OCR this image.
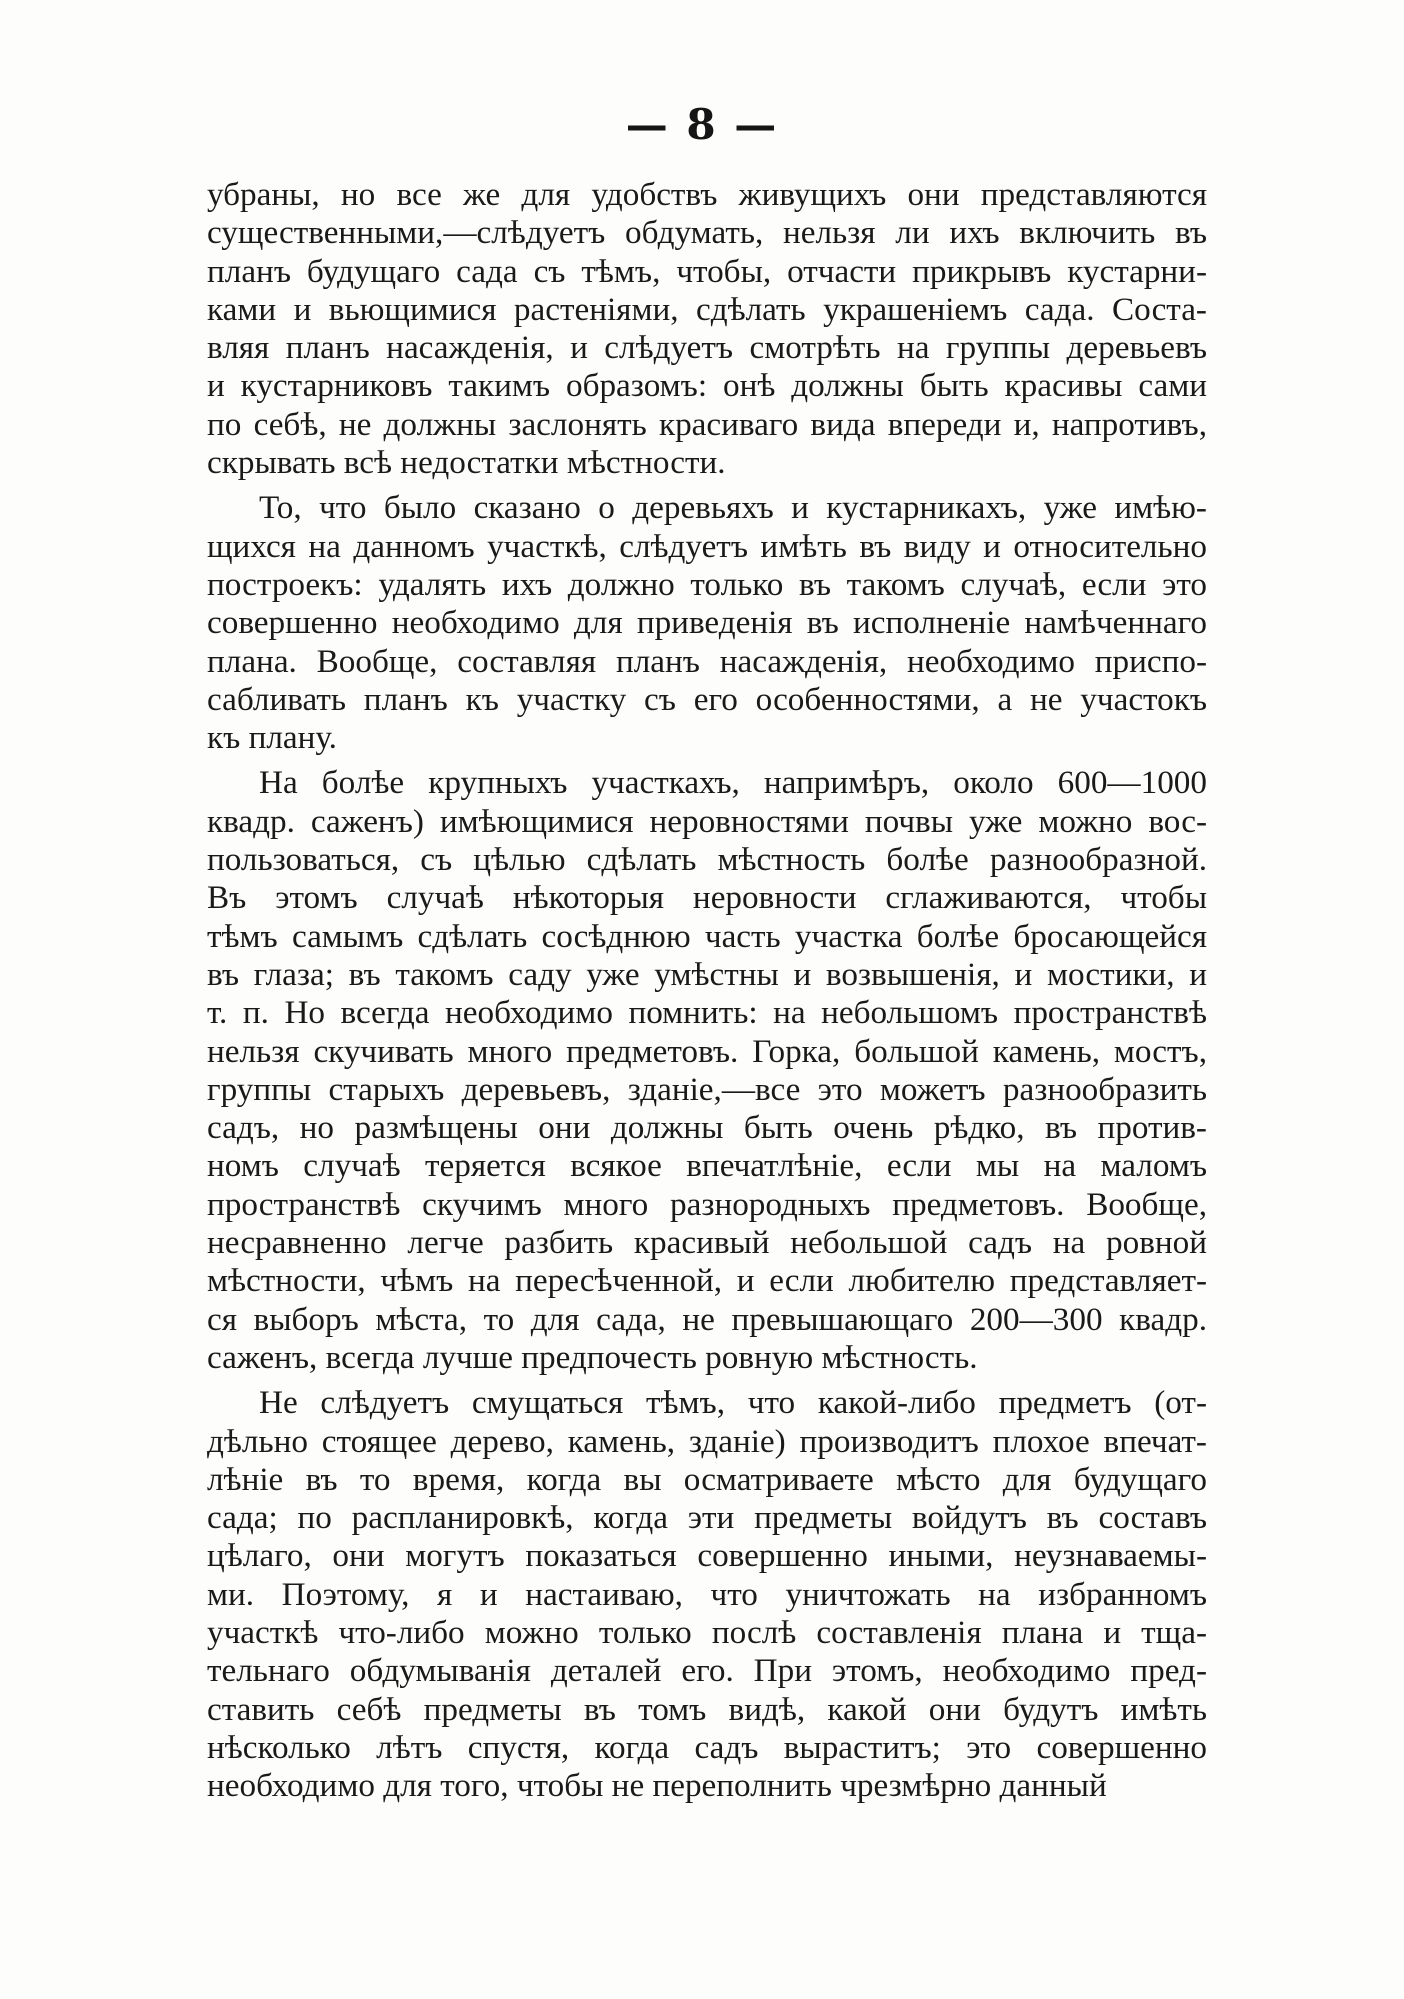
— 8 —
убраны, но все же для удобствъ живущихъ они представляются
существенными,—слѣдуетъ обдумать, нельзя ли ихъ включить въ
планъ будущаго сада съ тѣмъ, чтобы, отчасти прикрывъ кустарни-
ками и вьющимися растеніями, сдѣлать украшеніемъ сада. Соста-
вляя планъ насажденія, и слѣдуетъ смотрѣть на группы деревьевъ
и кустарниковъ такимъ образомъ: онѣ должны быть красивы сами
по себѣ, не должны заслонять красиваго вида впереди и, напротивъ,
скрывать всѣ недостатки мѣстности.
То, что было сказано о деревьяхъ и кустарникахъ, уже имѣю-
щихся на данномъ участкѣ, слѣдуетъ имѣть въ виду и относительно
построекъ: удалять ихъ должно только въ такомъ случаѣ, если это
совершенно необходимо для приведенія въ исполненіе намѣченнаго
плана. Вообще, составляя планъ насажденія, необходимо приспо-
сабливать планъ къ участку съ его особенностями, а не участокъ
къ плану.
На болѣе крупныхъ участкахъ, напримѣръ, около 600—1000
квадр. саженъ) имѣющимися неровностями почвы уже можно вос-
пользоваться, съ цѣлью сдѣлать мѣстность болѣе разнообразной.
Въ этомъ случаѣ нѣкоторыя неровности сглаживаются, чтобы
тѣмъ самымъ сдѣлать сосѣднюю часть участка болѣе бросающейся
въ глаза; въ такомъ саду уже умѣстны и возвышенія, и мостики, и
т. п. Но всегда необходимо помнить: на небольшомъ пространствѣ
нельзя скучивать много предметовъ. Горка, большой камень, мостъ,
группы старыхъ деревьевъ, зданіе,—все это можетъ разнообразить
садъ, но размѣщены они должны быть очень рѣдко, въ против-
номъ случаѣ теряется всякое впечатлѣніе, если мы на маломъ
пространствѣ скучимъ много разнородныхъ предметовъ. Вообще,
несравненно легче разбить красивый небольшой садъ на ровной
мѣстности, чѣмъ на пересѣченной, и если любителю представляет-
ся выборъ мѣста, то для сада, не превышающаго 200—300 квадр.
саженъ, всегда лучше предпочесть ровную мѣстность.
Не слѣдуетъ смущаться тѣмъ, что какой-либо предметъ (от-
дѣльно стоящее дерево, камень, зданіе) производитъ плохое впечат-
лѣніе въ то время, когда вы осматриваете мѣсто для будущаго
сада; по распланировкѣ, когда эти предметы войдутъ въ составъ
цѣлаго, они могутъ показаться совершенно иными, неузнаваемы-
ми. Поэтому, я и настаиваю, что уничтожать на избранномъ
участкѣ что-либо можно только послѣ составленія плана и тща-
тельнаго обдумыванія деталей его. При этомъ, необходимо пред-
ставить себѣ предметы въ томъ видѣ, какой они будутъ имѣть
нѣсколько лѣтъ спустя, когда садъ выраститъ; это совершенно
необходимо для того, чтобы не переполнить чрезмѣрно данный
